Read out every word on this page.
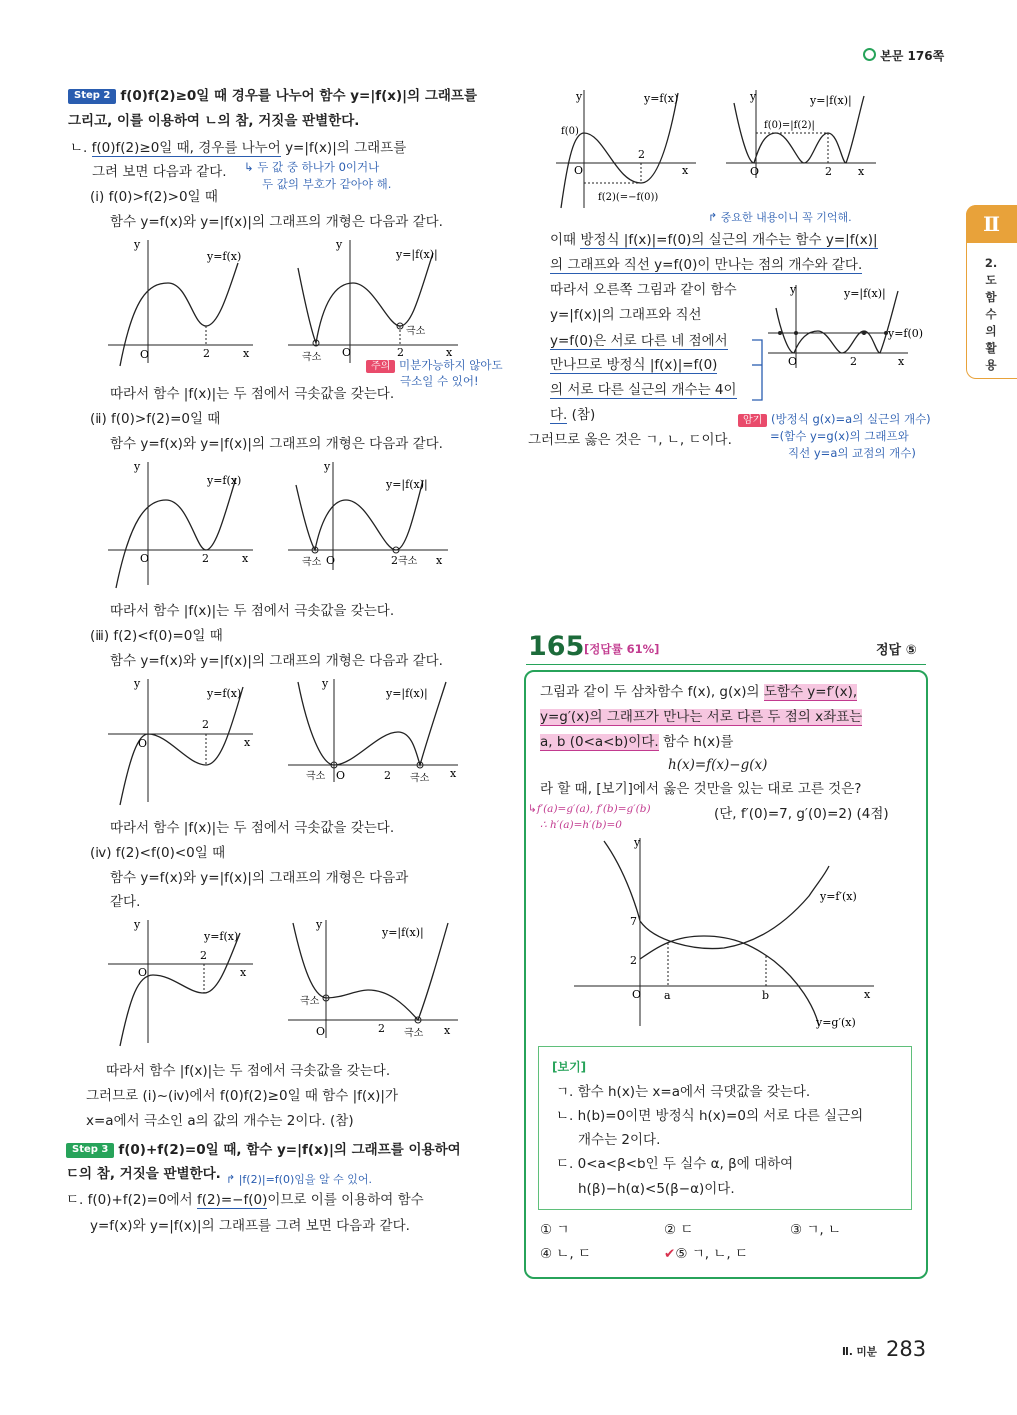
본문 176쪽
Ⅱ
2.도함수의활용
Step 2 f(0)f(2)≥0일 때 경우를 나누어 함수 y=|f(x)|의 그래프를
그리고, 이를 이용하여 ㄴ의 참, 거짓을 판별한다.
ㄴ. f(0)f(2)≥0일 때, 경우를 나누어 y=|f(x)|의 그래프를
그려 보면 다음과 같다. ↳ 두 값 중 하나가 0이거나
두 값의 부호가 같아야 해.
(ⅰ) f(0)>f(2)>0일 때
함수 y=f(x)와 y=|f(x)|의 그래프의 개형은 다음과 같다.
y
y=f(x)
O	2	x
y
y=|f(x)|
O	2
극소
극소
x
주의 미분가능하지 않아도
극소일 수 있어!
따라서 함수 |f(x)|는 두 점에서 극솟값을 갖는다.
(ⅱ) f(0)>f(2)=0일 때
함수 y=f(x)와 y=|f(x)|의 그래프의 개형은 다음과 같다.
y
y=f(x)
O	2	x
y
y=|f(x)|
극소 O	2 극소 x
따라서 함수 |f(x)|는 두 점에서 극솟값을 갖는다.
(ⅲ) f(2)<f(0)=0일 때
함수 y=f(x)와 y=|f(x)|의 그래프의 개형은 다음과 같다.
y
y=f(x)
O
2
x
y
y=|f(x)|
극소 O	2 극소 x
따라서 함수 |f(x)|는 두 점에서 극솟값을 갖는다.
(ⅳ) f(2)<f(0)<0일 때
함수 y=f(x)와 y=|f(x)|의 그래프의 개형은 다음과
같다.
y
y=f(x)
O
2
x
y
y=|f(x)|
극소
O	2 극소 x
따라서 함수 |f(x)|는 두 점에서 극솟값을 갖는다.
그러므로 (ⅰ)~(ⅳ)에서 f(0)f(2)≥0일 때 함수 |f(x)|가
x=a에서 극소인 a의 값의 개수는 2이다. (참)
Step 3 f(0)+f(2)=0일 때, 함수 y=|f(x)|의 그래프를 이용하여
ㄷ의 참, 거짓을 판별한다. ↱ |f(2)|=f(0)임을 알 수 있어.
ㄷ. f(0)+f(2)=0에서 f(2)=−f(0)이므로 이를 이용하여 함수
y=f(x)와 y=|f(x)|의 그래프를 그려 보면 다음과 같다.
y	y=f(x)
f(0)
O
2
x
f(2)(=−f(0))
y	y=|f(x)|
f(0)=|f(2)|
O	2 x
↱ 중요한 내용이니 꼭 기억해.
이때 방정식 |f(x)|=f(0)의 실근의 개수는 함수 y=|f(x)|
의 그래프와 직선 y=f(0)이 만나는 점의 개수와 같다.
따라서 오른쪽 그림과 같이 함수
y=|f(x)|의 그래프와 직선
y=f(0)은 서로 다른 네 점에서
만나므로 방정식 |f(x)|=f(0)
의 서로 다른 실근의 개수는 4이
다. (참)
그러므로 옳은 것은 ㄱ, ㄴ, ㄷ이다.
y	y=|f(x)|
y=f(0)
O	2	x
암기 (방정식 g(x)=a의 실근의 개수)
=(함수 y=g(x)의 그래프와
직선 y=a의 교점의 개수)
165 [정답률 61%]	정답 ⑤
그림과 같이 두 삼차함수 f(x), g(x)의 도함수 y=f′(x),
y=g′(x)의 그래프가 만나는 서로 다른 두 점의 x좌표는
a, b (0<a<b)이다. 함수 h(x)를
h(x)=f(x)−g(x)
라 할 때, [보기]에서 옳은 것만을 있는 대로 고른 것은?
(단, f′(0)=7, g′(0)=2) (4점)
↳f′(a)=g′(a), f′(b)=g′(b)
∴ h′(a)=h′(b)=0
y
y=f′(x)
y=g′(x)
7
2
O a	b	x
[보기]
ㄱ. 함수 h(x)는 x=a에서 극댓값을 갖는다.
ㄴ. h(b)=0이면 방정식 h(x)=0의 서로 다른 실근의
개수는 2이다.
ㄷ. 0<a<β<b인 두 실수 α, β에 대하여
h(β)−h(α)<5(β−α)이다.
① ㄱ	② ㄷ	③ ㄱ, ㄴ
④ ㄴ, ㄷ	✔⑤ ㄱ, ㄴ, ㄷ
Ⅱ. 미분 283
